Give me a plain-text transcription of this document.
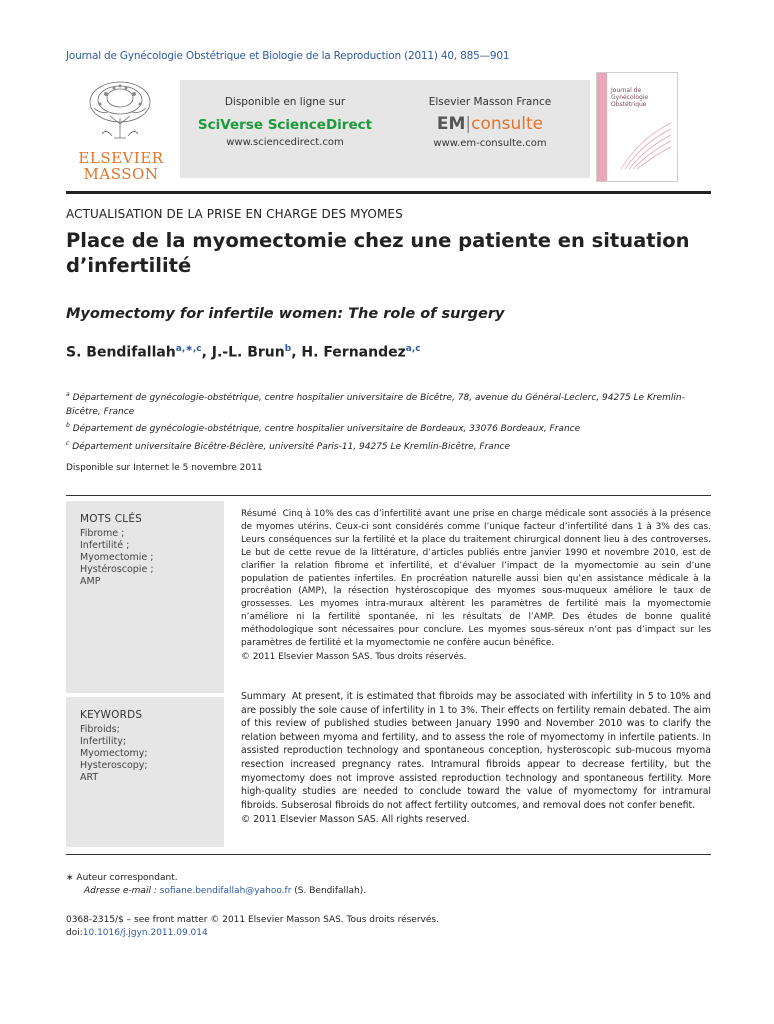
Journal de Gynécologie Obstétrique et Biologie de la Reproduction (2011) 40, 885—901
ELSEVIER
MASSON
Disponible en ligne sur
SciVerse ScienceDirect
www.sciencedirect.com
Elsevier Masson France
EM|consulte
www.em-consulte.com
Journal de Gynécologie Obstétrique
ACTUALISATION DE LA PRISE EN CHARGE DES MYOMES
Place de la myomectomie chez une patiente en situation d’infertilité
Myomectomy for infertile women: The role of surgery
S. Bendifallah$^{a,∗,c}$, J.-L. Brun$^b$, H. Fernandez$^{a,c}$

$^a$ Département de gynécologie-obstétrique, centre hospitalier universitaire de Bicêtre, 78, avenue du Général-Leclerc, 94275 Le Kremlin-Bicêtre, France

$^b$ Département de gynécologie-obstétrique, centre hospitalier universitaire de Bordeaux, 33076 Bordeaux, France

$^c$ Département universitaire Bicêtre-Béclère, université Paris-11, 94275 Le Kremlin-Bicêtre, France

Disponible sur Internet le 5 novembre 2011
MOTS CLÉS
Fibrome ;
Infertilité ;
Myomectomie ;
Hystéroscopie ;
AMP
Résumé Cinq à 10% des cas d’infertilité avant une prise en charge médicale sont associés à la présence de myomes utérins. Ceux-ci sont considérés comme l’unique facteur d’infertilité dans 1 à 3% des cas. Leurs conséquences sur la fertilité et la place du traitement chirurgical donnent lieu à des controverses. Le but de cette revue de la littérature, d’articles publiés entre janvier 1990 et novembre 2010, est de clarifier la relation fibrome et infertilité, et d’évaluer l’impact de la myomectomie au sein d’une population de patientes infertiles. En procréation naturelle aussi bien qu’en assistance médicale à la procréation (AMP), la résection hystéroscopique des myomes sous-muqueux améliore le taux de grossesses. Les myomes intra-muraux altèrent les paramètres de fertilité mais la myomectomie n’améliore ni la fertilité spontanée, ni les résultats de l’AMP. Des études de bonne qualité méthodologique sont nécessaires pour conclure. Les myomes sous-séreux n’ont pas d’impact sur les paramètres de fertilité et la myomectomie ne confère aucun bénéfice.
© 2011 Elsevier Masson SAS. Tous droits réservés.
KEYWORDS
Fibroids;
Infertility;
Myomectomy;
Hysteroscopy;
ART
Summary At present, it is estimated that fibroids may be associated with infertility in 5 to 10% and are possibly the sole cause of infertility in 1 to 3%. Their effects on fertility remain debated. The aim of this review of published studies between January 1990 and November 2010 was to clarify the relation between myoma and fertility, and to assess the role of myomectomy in infertile patients. In assisted reproduction technology and spontaneous conception, hysteroscopic sub-mucous myoma resection increased pregnancy rates. Intramural fibroids appear to decrease fertility, but the myomectomy does not improve assisted reproduction technology and spontaneous fertility. More high-quality studies are needed to conclude toward the value of myomectomy for intramural fibroids. Subserosal fibroids do not affect fertility outcomes, and removal does not confer benefit.
© 2011 Elsevier Masson SAS. All rights reserved.
∗ Auteur correspondant.
Adresse e-mail : sofiane.bendifallah@yahoo.fr (S. Bendifallah).
0368-2315/$ – see front matter © 2011 Elsevier Masson SAS. Tous droits réservés.
doi:10.1016/j.jgyn.2011.09.014
